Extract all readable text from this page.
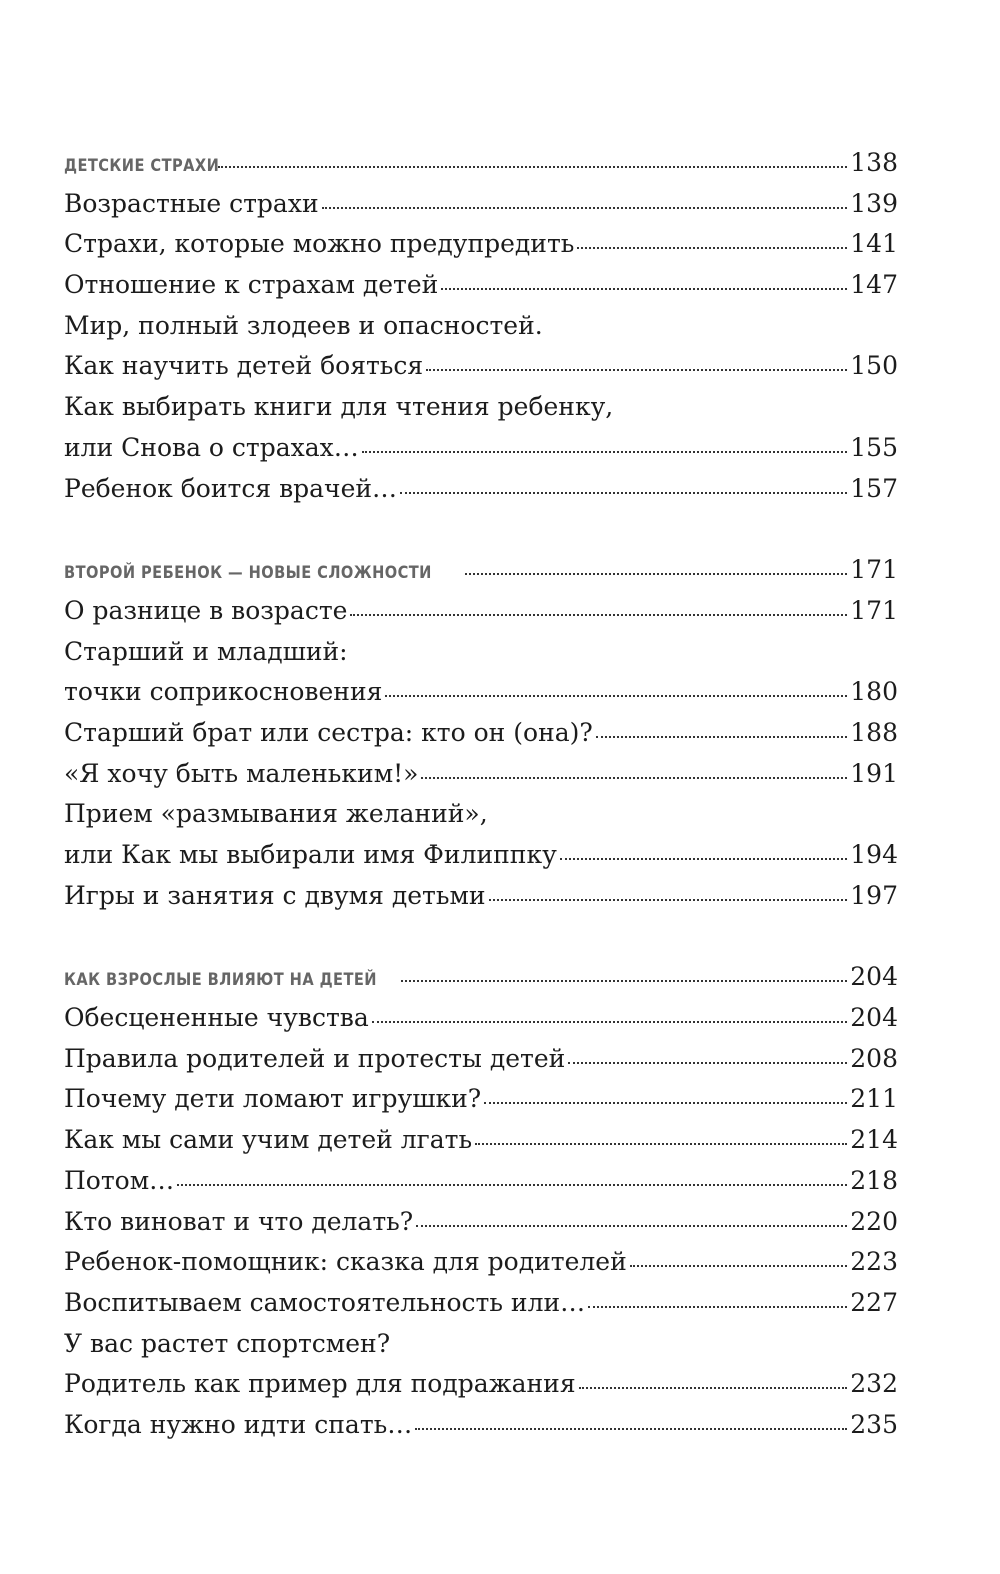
ДЕТСКИЕ СТРАХИ	138
Возрастные страхи	139
Страхи, которые можно предупредить	141
Отношение к страхам детей	147
Мир, полный злодеев и опасностей.
Как научить детей бояться	150
Как выбирать книги для чтения ребенку,
или Снова о страхах…	155
Ребенок боится врачей…	157
ВТОРОЙ РЕБЕНОК — НОВЫЕ СЛОЖНОСТИ	171
О разнице в возрасте	171
Старший и младший:
точки соприкосновения	180
Старший брат или сестра: кто он (она)?	188
«Я хочу быть маленьким!»	191
Прием «размывания желаний»,
или Как мы выбирали имя Филиппку	194
Игры и занятия с двумя детьми	197
КАК ВЗРОСЛЫЕ ВЛИЯЮТ НА ДЕТЕЙ	204
Обесцененные чувства	204
Правила родителей и протесты детей	208
Почему дети ломают игрушки?	211
Как мы сами учим детей лгать	214
Потом…	218
Кто виноват и что делать?	220
Ребенок-помощник: сказка для родителей	223
Воспитываем самостоятельность или…	227
У вас растет спортсмен?
Родитель как пример для подражания	232
Когда нужно идти спать…	235
